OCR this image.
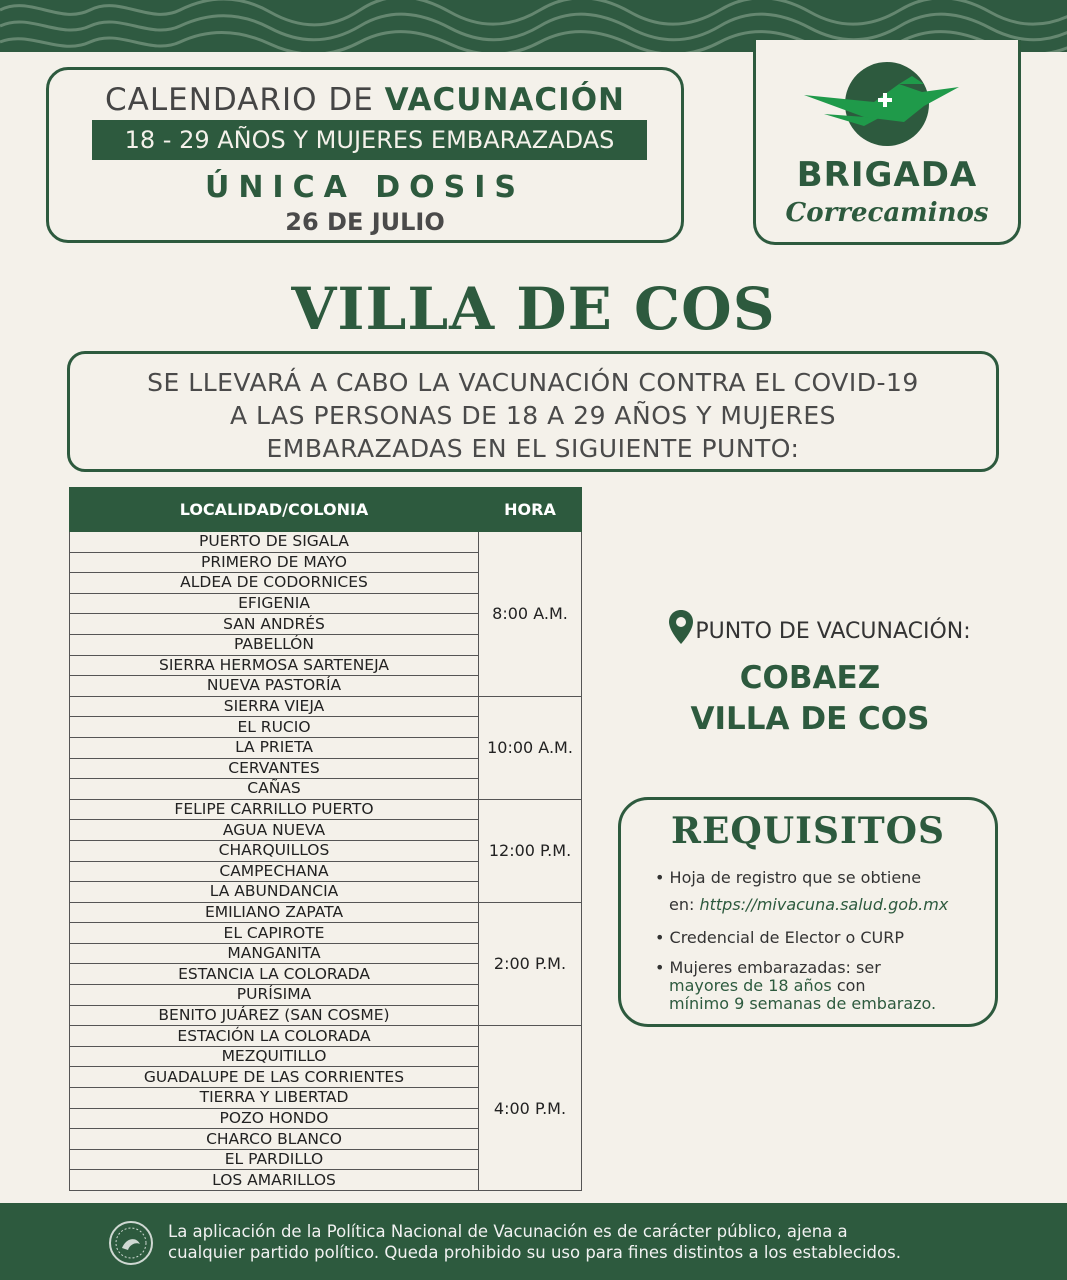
CALENDARIO DE VACUNACIÓN
18 - 29 AÑOS Y MUJERES EMBARAZADAS
ÚNICA DOSIS
26 DE JULIO
BRIGADA
Correcaminos
VILLA DE COS
SE LLEVARÁ A CABO LA VACUNACIÓN CONTRA EL COVID-19
A LAS PERSONAS DE 18 A 29 AÑOS Y MUJERES
EMBARAZADAS EN EL SIGUIENTE PUNTO:
LOCALIDAD/COLONIA	HORA
PUERTO DE SIGALA	8:00 A.M.
PRIMERO DE MAYO	
ALDEA DE CODORNICES	
EFIGENIA	
SAN ANDRÉS	
PABELLÓN	
SIERRA HERMOSA SARTENEJA	
NUEVA PASTORÍA	
SIERRA VIEJA	10:00 A.M.
EL RUCIO	
LA PRIETA	
CERVANTES	
CAÑAS	
FELIPE CARRILLO PUERTO	12:00 P.M.
AGUA NUEVA	
CHARQUILLOS	
CAMPECHANA	
LA ABUNDANCIA	
EMILIANO ZAPATA	2:00 P.M.
EL CAPIROTE	
MANGANITA	
ESTANCIA LA COLORADA	
PURÍSIMA	
BENITO JUÁREZ (SAN COSME)	
ESTACIÓN LA COLORADA	4:00 P.M.
MEZQUITILLO	
GUADALUPE DE LAS CORRIENTES	
TIERRA Y LIBERTAD	
POZO HONDO	
CHARCO BLANCO	
EL PARDILLO	
LOS AMARILLOS	
PUNTO DE VACUNACIÓN:
COBAEZ
VILLA DE COS
REQUISITOS
• Hoja de registro que se obtiene
en: https://mivacuna.salud.gob.mx
• Credencial de Elector o CURP
• Mujeres embarazadas: ser
mayores de 18 años con
mínimo 9 semanas de embarazo.
La aplicación de la Política Nacional de Vacunación es de carácter público, ajena a
cualquier partido político. Queda prohibido su uso para fines distintos a los establecidos.
